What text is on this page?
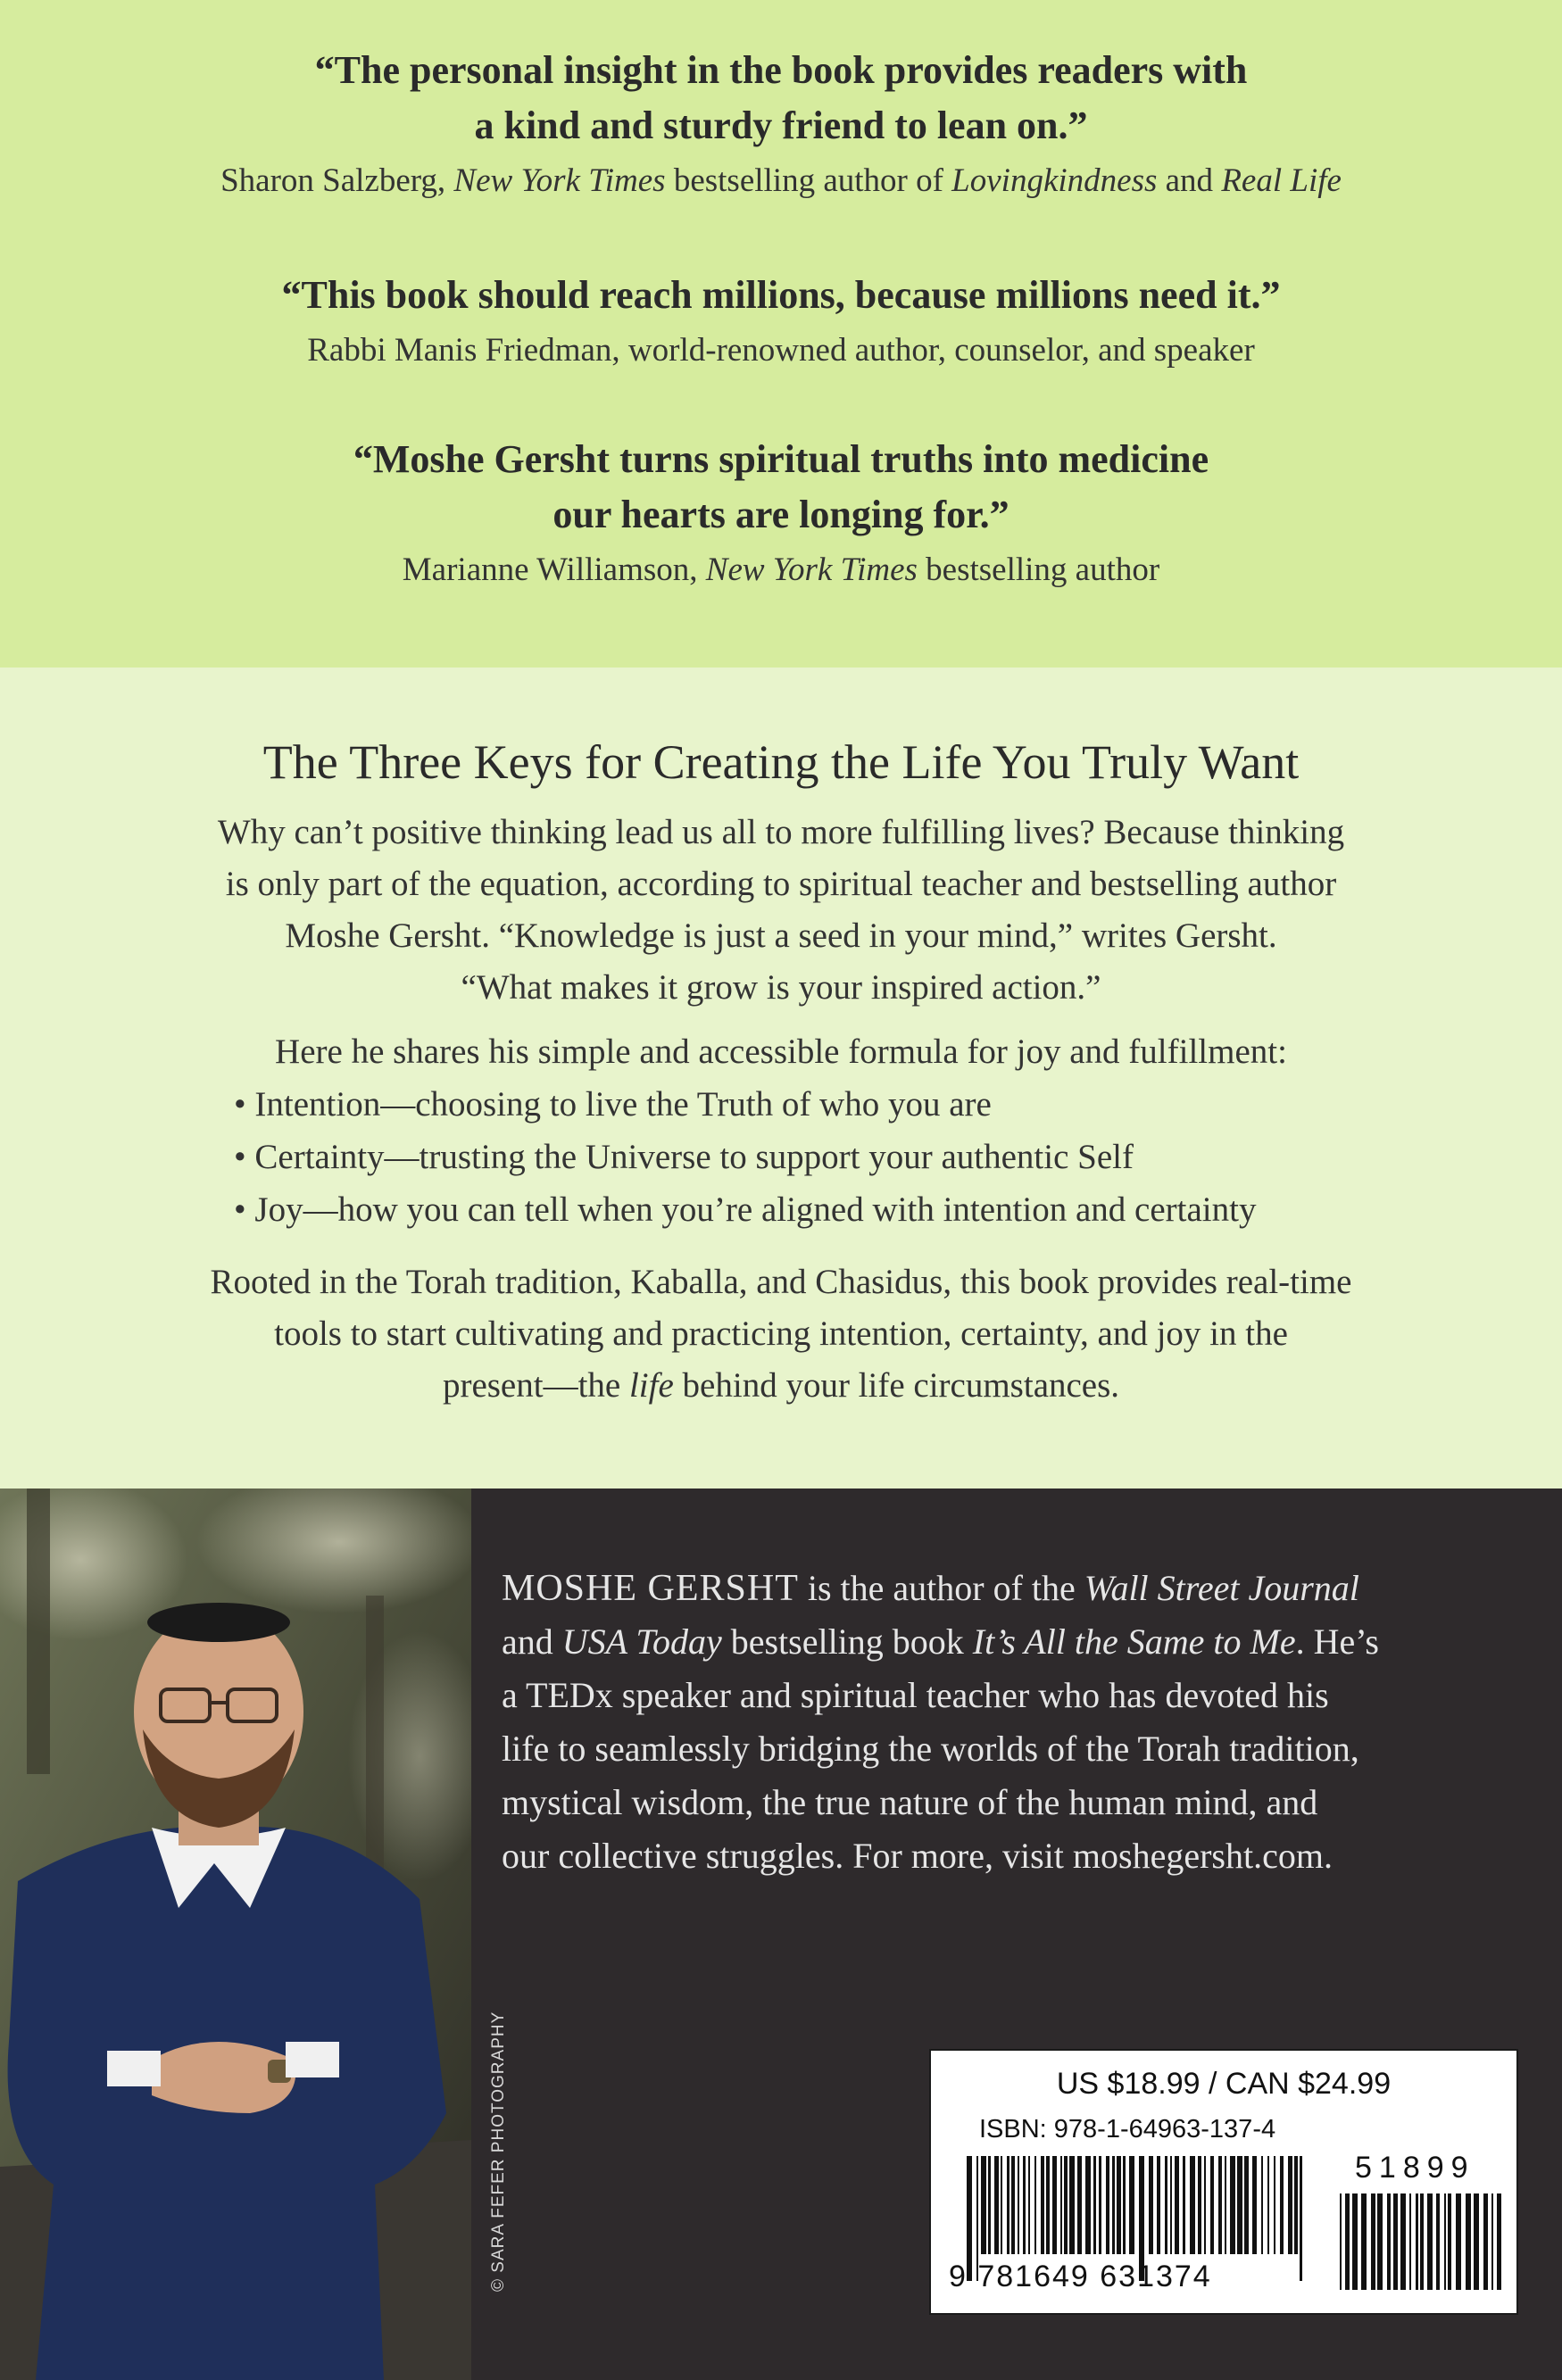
“The personal insight in the book provides readers with
a kind and sturdy friend to lean on.”
Sharon Salzberg, New York Times bestselling author of Lovingkindness and Real Life
“This book should reach millions, because millions need it.”
Rabbi Manis Friedman, world-renowned author, counselor, and speaker
“Moshe Gersht turns spiritual truths into medicine
our hearts are longing for.”
Marianne Williamson, New York Times bestselling author
The Three Keys for Creating the Life You Truly Want
Why can’t positive thinking lead us all to more fulfilling lives? Because thinking
is only part of the equation, according to spiritual teacher and bestselling author
Moshe Gersht. “Knowledge is just a seed in your mind,” writes Gersht.
“What makes it grow is your inspired action.”
Here he shares his simple and accessible formula for joy and fulfillment:
• Intention—choosing to live the Truth of who you are
• Certainty—trusting the Universe to support your authentic Self
• Joy—how you can tell when you’re aligned with intention and certainty
Rooted in the Torah tradition, Kaballa, and Chasidus, this book provides real-time
tools to start cultivating and practicing intention, certainty, and joy in the
present—the life behind your life circumstances.
© SARA FEFER PHOTOGRAPHY
MOSHE GERSHT is the author of the Wall Street Journal
and USA Today bestselling book It’s All the Same to Me. He’s
a TEDx speaker and spiritual teacher who has devoted his
life to seamlessly bridging the worlds of the Torah tradition,
mystical wisdom, the true nature of the human mind, and
our collective struggles. For more, visit moshegersht.com.
US $18.99 / CAN $24.99
ISBN: 978-1-64963-137-4
51899
9 781649 631374
